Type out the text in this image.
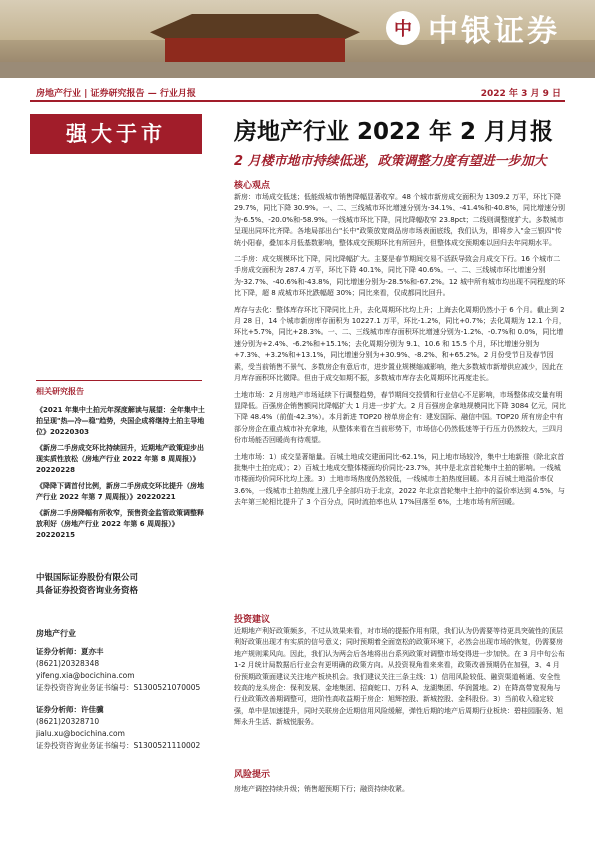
中 中银证券
房地产行业 | 证券研究报告 — 行业月报	2022 年 3 月 9 日
强大于市	房地产行业 2022 年 2 月月报
2 月楼市地市持续低迷，政策调整力度有望进一步加大
核心观点

新房：市场成交低迷；低能级城市销售降幅显著收窄。48 个城市新房成交面积为 1309.2 万平，环比下降 29.7%，同比下降 30.9%。一、二、三线城市环比增速分别为-34.1%、-41.4%和-40.8%，同比增速分别为-6.5%、-20.0%和-58.9%。一线城市环比下降，同比降幅收窄 23.8pct；二线则调整度扩大。多数城市呈现出同环比齐降。各地局部出台"长中"政策放宽商品房市场表面底线，我们认为，即将步入"金三银四"传统小阳春，叠加本月低基数影响，整体成交预期环比有所回升，但整体成交预期难以回归去年同期水平。

二手房：成交规模环比下降，同比降幅扩大。主要是春节期间交易不活跃导致会月成交下行。16 个城市二手房成交面积为 287.4 万平，环比下降 40.1%，同比下降 40.6%。一、二、三线城市环比增速分别为-32.7%、-40.6%和-43.8%，同比增速分别为-28.5%和-67.2%。12 城中所有城市均出现不同程度的环比下降，超 8 成城市环比跌幅超 30%；同比来看，仅成都同比回升。

库存与去化：整体库存环比下降同比上升，去化周期环比均上升；上海去化周期仍然小于 6 个月。截止到 2 月 28 日，14 个城市新房库存面积为 10227.1 万平，环比-1.2%，同比+0.7%；去化周期为 12.1 个月，环比+5.7%，同比+28.3%。一、二、三线城市库存面积环比增速分别为-1.2%、-0.7%和 0.0%，同比增速分别为+2.4%、-6.2%和+15.1%；去化周期分别为 9.1、10.6 和 15.5 个月，环比增速分别为+7.3%、+3.2%和+13.1%，同比增速分别为+30.9%、-8.2%、和+65.2%。2 月份受节日及春节因素，受当前销售不景气、多数房企有意后市，进步置业规模缩减影响，绝大多数城市新增供应减少，因此在月库存面积环比微降。但由于成交如期不振，多数城市库存去化周期环比再度走长。

土地市场：2 月房地产市场延续下行调整趋势，春节期间交投情和行业信心不足影响，市场整体成交量有明显降低。百强房企销售额同比降幅扩大 1 月进一步扩大。2 月百强房企拿地规模同比下降 3084 亿元，同比下降 48.4%（前值-42.3%）。本月新进 TOP20 榜单房企有：建发国际、融信中国。TOP20 所有房企中有部分房企在重点城市补充拿地，从整体来看在当前形势下，市场信心仍然低迷等于行压力仍然较大，三四月份市场能否回暖尚有待观望。

土地市场：1）成交显著缩量。百城土地成交建面同比-62.1%，同上地市场较冷，集中土地新推（除北京首批集中土拍完成）；2）百城土地成交整体楼面均价同比-23.7%，其中是北京首轮集中土拍的影响。一线城市楼面均价同环比均上涨。3）土地市场热度仍然较低，一线城市土拍热度回暖。本月百城土地溢价率仅 3.6%，一线城市土拍热度上涨几乎全部归功于北京，2022 年北京首轮集中土拍中的溢价率达到 4.5%，与去年第三轮相比提升了 3 个百分点，同时流拍率也从 17%回落至 6%，土地市场有所回暖。

投资建议
近期地产利好政策频多，不过从效果来看，对市场的提振作用有限，我们认为仍需要等待更具突破性的顶层利好政策出现才有实质的信号意义；同时预期着全面宽松的政策环境下，必然会出现市场的恢复，仍需要房地产规则乘风向。因此，我们认为两会后各地将出台系列政策对调整市场变得进一步加快。在 3 月中旬公布 1-2 月统计局数据后行业会有更明确的政策方向。从投资视角看来来看，政策改善预期仍在加强，3、4 月份预期政策面建议关注地产板块机会。我们建议关注三条主线：1）信用风险较低、融资渠道畅通、安全性较高的龙头房企：保利发展、金地集团、招商蛇口、万科 A、龙湖集团、华润置地。2）在降高带宽视角与行业政策改善期调整可，进阶性高收益期于房企：旭辉控股、新城控股、金科股份。3）当前收入稳定较强，单中是加速提升，同时关联房企近期信用风险缓解，弹性后期的地产后周期行业板块：碧桂园服务、旭辉永升生活、新城悦服务。
风险提示
房地产调控持续升级；销售超预期下行；融资持续收紧。
相关研究报告
《2021 年集中土拍元年深度解读与展望：全年集中土拍呈现"热—冷—稳"趋势，央国企成将继持土拍主导地位》20220303
《新房二手房成交环比持续回升，近期地产政策迎步出现实质性放松（房地产行业 2022 年第 8 周周报）》20220228
《降降下调首付比例，新房二手房成交环比提升（房地产行业 2022 年第 7 周周报）》20220221
《新房二手房降幅有所收窄，预售资金监管政策调整释放利好（房地产行业 2022 年第 6 周周报）》20220215
中银国际证券股份有限公司
具备证券投资咨询业务资格
房地产行业
证券分析师：夏亦丰
(8621)20328348
yifeng.xia@bocichina.com
证券投资咨询业务证书编号：S1300521070005
证券分析师：许佳骥
(8621)20328710
jialu.xu@bocichina.com
证券投资咨询业务证书编号：S1300521110002
